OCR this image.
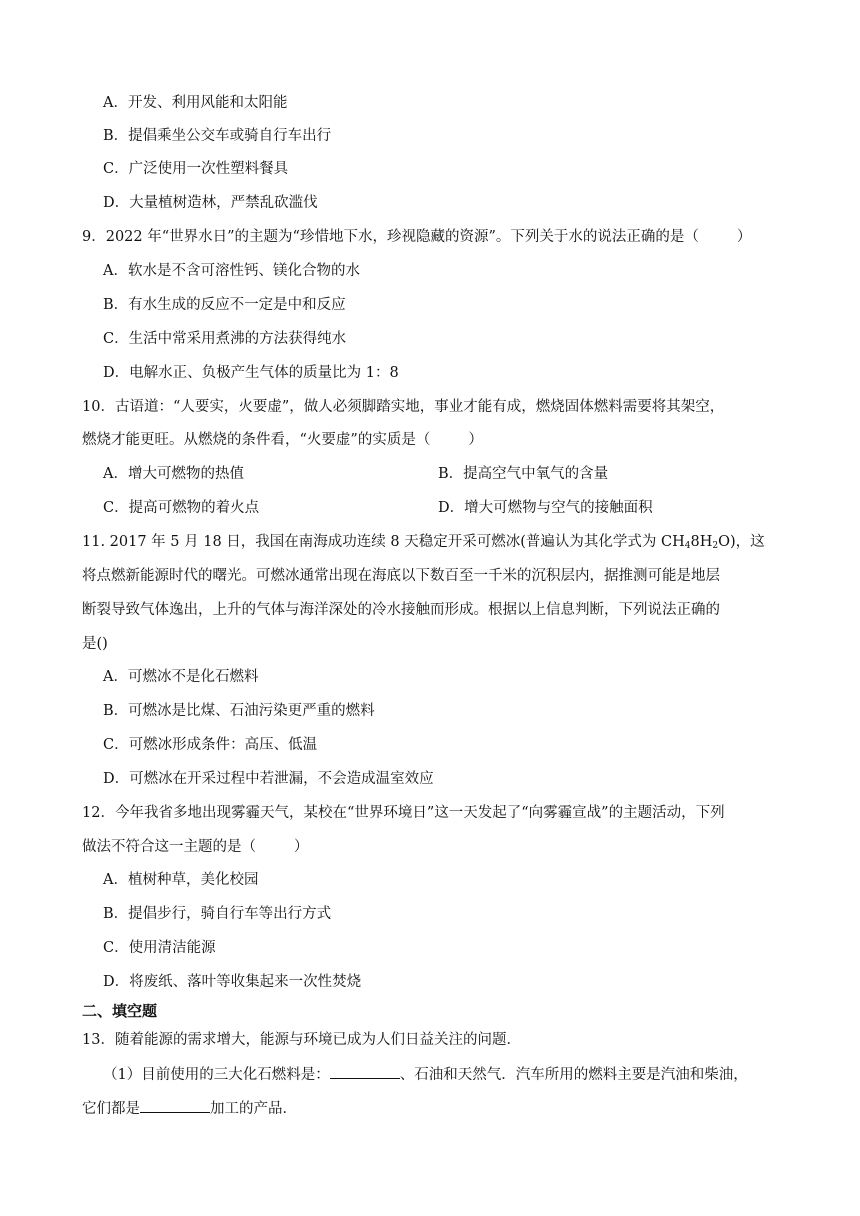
A．开发、利用风能和太阳能
B．提倡乘坐公交车或骑自行车出行
C．广泛使用一次性塑料餐具
D．大量植树造林，严禁乱砍滥伐
9．2022 年“世界水日”的主题为“珍惜地下水，珍视隐藏的资源”。下列关于水的说法正确的是（	）
A．软水是不含可溶性钙、镁化合物的水
B．有水生成的反应不一定是中和反应
C．生活中常采用煮沸的方法获得纯水
D．电解水正、负极产生气体的质量比为 1：8
10．古语道：“人要实，火要虚”，做人必须脚踏实地，事业才能有成，燃烧固体燃料需要将其架空，
燃烧才能更旺。从燃烧的条件看，“火要虚”的实质是（	）
A．增大可燃物的热值	B．提高空气中氧气的含量
C．提高可燃物的着火点	D．增大可燃物与空气的接触面积
11. 2017 年 5 月 18 日，我国在南海成功连续 8 天稳定开采可燃冰(普遍认为其化学式为 $CH_48H_2O$)，这
将点燃新能源时代的曙光。可燃冰通常出现在海底以下数百至一千米的沉积层内，据推测可能是地层
断裂导致气体逸出，上升的气体与海洋深处的冷水接触而形成。根据以上信息判断，下列说法正确的
是()
A．可燃冰不是化石燃料
B．可燃冰是比煤、石油污染更严重的燃料
C．可燃冰形成条件：高压、低温
D．可燃冰在开采过程中若泄漏，不会造成温室效应
12．今年我省多地出现雾霾天气，某校在“世界环境日”这一天发起了“向雾霾宣战”的主题活动，下列
做法不符合这一主题的是（	）
A．植树种草，美化校园
B．提倡步行，骑自行车等出行方式
C．使用清洁能源
D．将废纸、落叶等收集起来一次性焚烧
二、填空题
13．随着能源的需求增大，能源与环境已成为人们日益关注的问题．
（1）目前使用的三大化石燃料是：	、石油和天然气．汽车所用的燃料主要是汽油和柴油，
它们都是	加工的产品．
